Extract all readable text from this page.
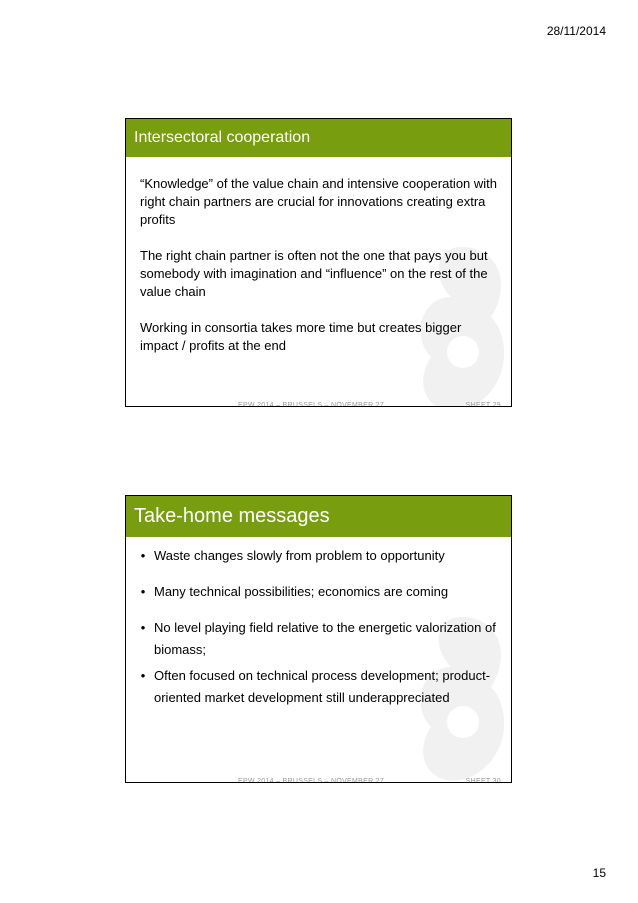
28/11/2014
Intersectoral cooperation

“Knowledge” of the value chain and intensive cooperation with right chain partners are crucial for innovations creating extra profits

The right chain partner is often not the one that pays you but somebody with imagination and “influence” on the rest of the value chain

Working in consortia takes more time but creates bigger impact / profits at the end

EPW 2014 – BRUSSELS – NOVEMBER 27	SHEET 29
Take-home messages
• Waste changes slowly from problem to opportunity
• Many technical possibilities; economics are coming
• No level playing field relative to the energetic valorization of biomass;
• Often focused on technical process development; product-oriented market development still underappreciated
EPW 2014 – BRUSSELS – NOVEMBER 27	SHEET 30
15
